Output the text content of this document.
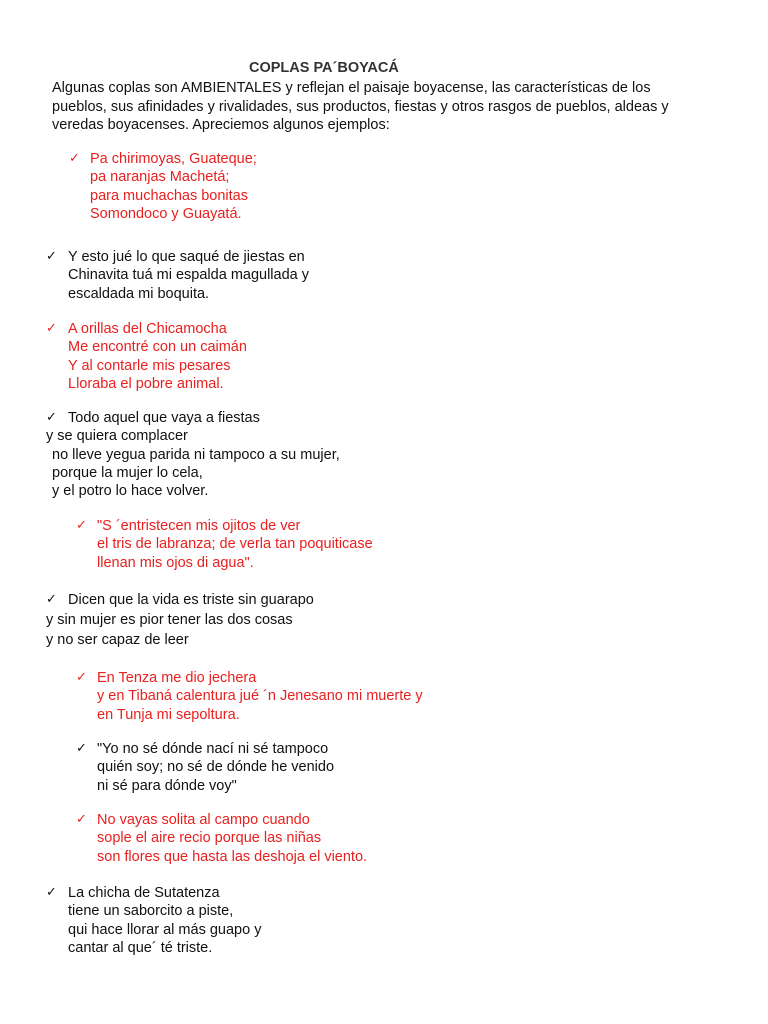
COPLAS PA´BOYACÁ
Algunas coplas son AMBIENTALES y reflejan el paisaje boyacense, las características de los
pueblos, sus afinidades y rivalidades, sus productos, fiestas y otros rasgos de pueblos, aldeas y
veredas boyacenses. Apreciemos algunos ejemplos:
✓ Pa chirimoyas, Guateque;
pa naranjas Machetá;
para muchachas bonitas
Somondoco y Guayatá.
✓ Y esto jué lo que saqué de jiestas en
Chinavita tuá mi espalda magullada y
escaldada mi boquita.
✓ A orillas del Chicamocha
Me encontré con un caimán
Y al contarle mis pesares
Lloraba el pobre animal.
✓ Todo aquel que vaya a fiestas
y se quiera complacer
no lleve yegua parida ni tampoco a su mujer,
porque la mujer lo cela,
y el potro lo hace volver.
✓ "S ´entristecen mis ojitos de ver
el tris de labranza; de verla tan poquiticase
llenan mis ojos di agua".
✓ Dicen que la vida es triste sin guarapo
y sin mujer es pior tener las dos cosas
y no ser capaz de leer
✓ En Tenza me dio jechera
y en Tibaná calentura jué ´n Jenesano mi muerte y
en Tunja mi sepoltura.
✓ "Yo no sé dónde nací ni sé tampoco
quién soy; no sé de dónde he venido
ni sé para dónde voy"
✓ No vayas solita al campo cuando
sople el aire recio porque las niñas
son flores que hasta las deshoja el viento.
✓ La chicha de Sutatenza
tiene un saborcito a piste,
qui hace llorar al más guapo y
cantar al que´ té triste.
